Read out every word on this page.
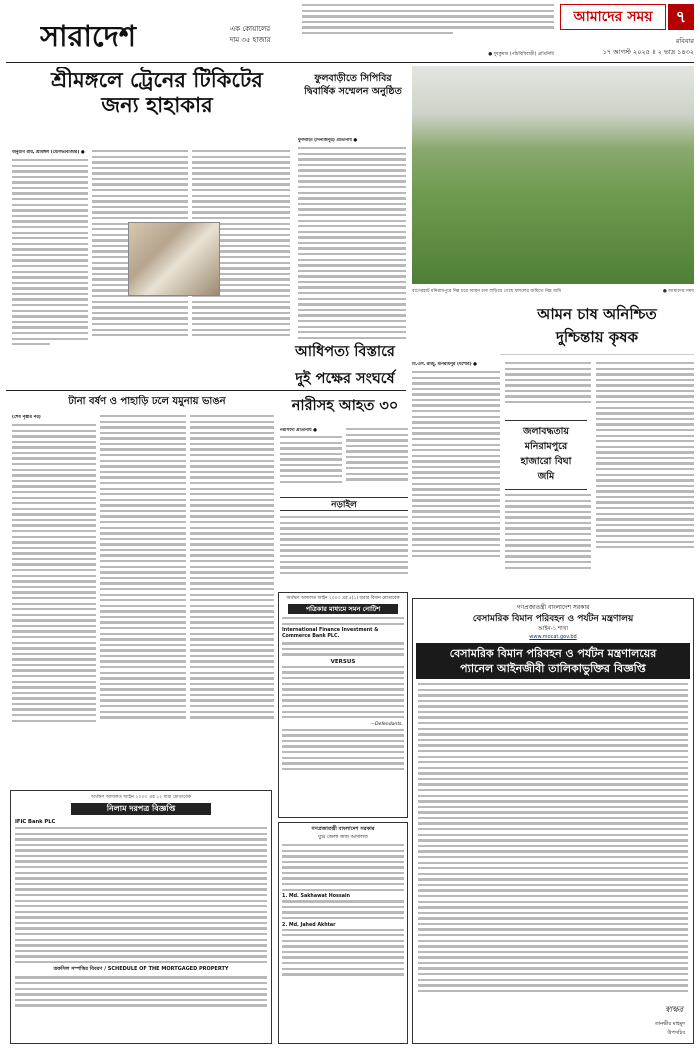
সারাদেশ	এক কোয়ালের
দাম ৩৫ হাজার
আমাদের সময়	৭
রবিবার
১৭ আগস্ট ২০২৫ ॥ ২ ভাদ্র ১৪৩২
● দুধকুমার (পাঁচবিবিবাড়ী) প্রতিনিধি
শ্রীমঙ্গলে ট্রেনের টিকিটের
জন্য হাহাকার
অনুরাগ রায়, শ্রীমঙ্গল (মৌলভীবাজার) ●
ফুলবাড়ীতে সিপিবির দ্বিবার্ষিক সম্মেলন অনুষ্ঠিত
ফুলবাড়ী (দিনাজপুর) প্রতিনিধি ●
বাগেরহাট মনিরামপুরে নিম্ন চরে আমন চাষ বাড়িয়ে গেছে ফসলের জমিতে নিম্ন জমি	● আমাদের সময়
আমন চাষ অনিশ্চিত
দুশ্চিন্তায় কৃষক
মি.এস. রাজু, মনিরামপুর (যশোর) ●
জলাবদ্ধতায়
মনিরামপুরে
হাজারো বিঘা
জমি
টানা বর্ষণ ও পাহাড়ি ঢলে যমুনায় ভাঙন
(শেষ পৃষ্ঠার পর)
আধিপত্য বিস্তারে
দুই পক্ষের সংঘর্ষে
নারীসহ আহত ৩০
নরসিংদী প্রতিনিধি ●
নড়াইল
অর্থঋণ আদালত আইন ২০০৩ এর ১২ ধারা মোতাবেক
নিলাম দরপত্র বিজ্ঞপ্তি
IFIC Bank PLC
তফসিল সম্পত্তির বিবরণ / SCHEDULE OF THE MORTGAGED PROPERTY
অর্থঋণ আদালত আইন ২০০৩ এর ৫(১) ধারার বিধান মোতাবেক
পত্রিকার মাধ্যমে সমন নোটিশ
International Finance Investment & Commerce Bank PLC.
VERSUS
—Defendants.
গণপ্রজাতন্ত্রী বাংলাদেশ সরকার
যুগ্ম জেলা জজ আদালত
1. Md. Sakhawat Hossain
2. Md. Jahed Akhtar
গণপ্রজাতন্ত্রী বাংলাদেশ সরকার
বেসামরিক বিমান পরিবহন ও পর্যটন মন্ত্রণালয়
আইন-১ শাখা
www.mocat.gov.bd
বেসামরিক বিমান পরিবহন ও পর্যটন মন্ত্রণালয়ের
প্যানেল আইনজীবী তালিকাভুক্তির বিজ্ঞপ্তি
স্বাক্ষর
তানভীর মাহমুদ
উপসচিব
